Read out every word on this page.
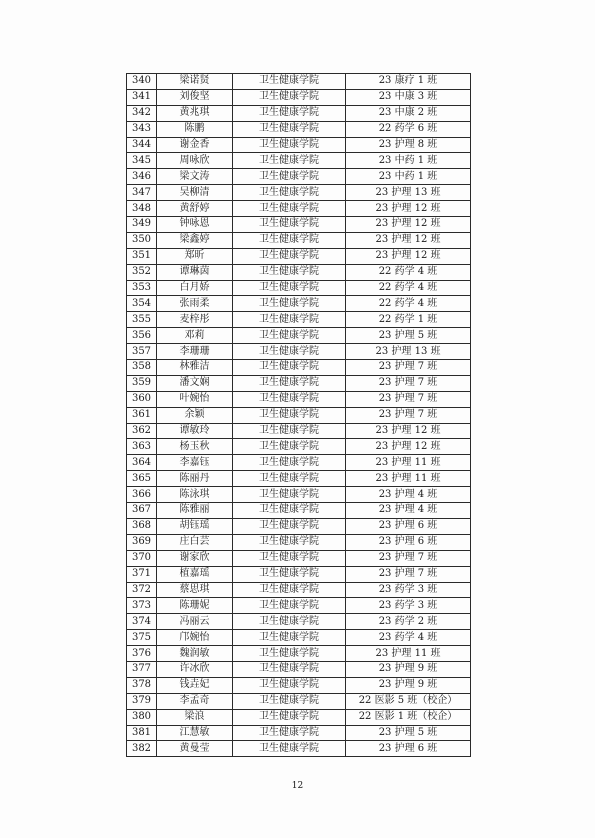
340	梁诺贤	卫生健康学院	23 康疗 1 班
341	刘俊坚	卫生健康学院	23 中康 3 班
342	黄兆琪	卫生健康学院	23 中康 2 班
343	陈鹏	卫生健康学院	22 药学 6 班
344	谢金香	卫生健康学院	23 护理 8 班
345	周咏欣	卫生健康学院	23 中药 1 班
346	梁文涛	卫生健康学院	23 中药 1 班
347	吴柳清	卫生健康学院	23 护理 13 班
348	黄舒婷	卫生健康学院	23 护理 12 班
349	钟咏恩	卫生健康学院	23 护理 12 班
350	梁鑫婷	卫生健康学院	23 护理 12 班
351	郑昕	卫生健康学院	23 护理 12 班
352	谭琳茵	卫生健康学院	22 药学 4 班
353	白月娇	卫生健康学院	22 药学 4 班
354	张雨柔	卫生健康学院	22 药学 4 班
355	麦梓彤	卫生健康学院	22 药学 1 班
356	邓莉	卫生健康学院	23 护理 5 班
357	李珊珊	卫生健康学院	23 护理 13 班
358	林雅洁	卫生健康学院	23 护理 7 班
359	潘文娴	卫生健康学院	23 护理 7 班
360	叶婉怡	卫生健康学院	23 护理 7 班
361	余颖	卫生健康学院	23 护理 7 班
362	谭敏玲	卫生健康学院	23 护理 12 班
363	杨玉秋	卫生健康学院	23 护理 12 班
364	李嘉钰	卫生健康学院	23 护理 11 班
365	陈丽丹	卫生健康学院	23 护理 11 班
366	陈泳琪	卫生健康学院	23 护理 4 班
367	陈雅丽	卫生健康学院	23 护理 4 班
368	胡钰瑶	卫生健康学院	23 护理 6 班
369	庄白芸	卫生健康学院	23 护理 6 班
370	谢家欣	卫生健康学院	23 护理 7 班
371	植嘉瑶	卫生健康学院	23 护理 7 班
372	蔡思琪	卫生健康学院	23 药学 3 班
373	陈珊妮	卫生健康学院	23 药学 3 班
374	冯丽云	卫生健康学院	23 药学 2 班
375	邝婉怡	卫生健康学院	23 药学 4 班
376	魏润敏	卫生健康学院	23 护理 11 班
377	许冰欣	卫生健康学院	23 护理 9 班
378	钱垚妃	卫生健康学院	23 护理 9 班
379	李孟奇	卫生健康学院	22 医影 5 班（校企）
380	梁浪	卫生健康学院	22 医影 1 班（校企）
381	江慧敏	卫生健康学院	23 护理 5 班
382	黄曼莹	卫生健康学院	23 护理 6 班
12
